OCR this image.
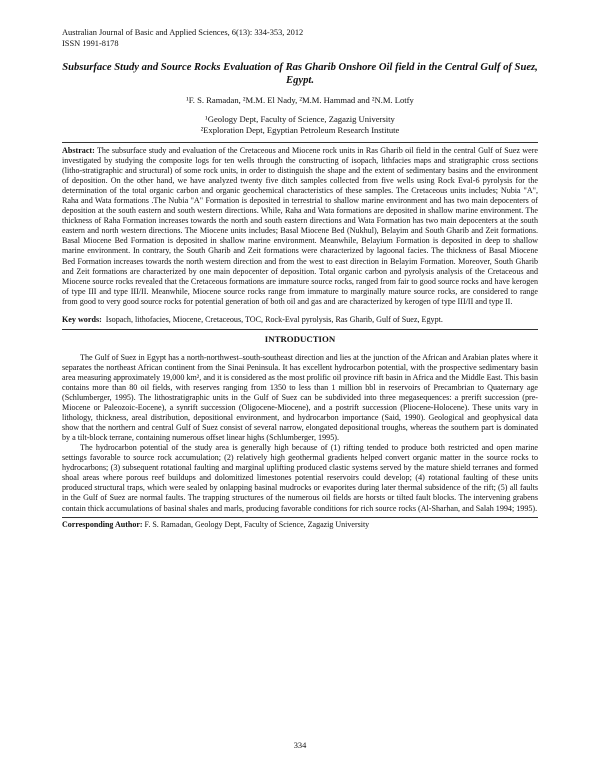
Australian Journal of Basic and Applied Sciences, 6(13): 334-353, 2012
ISSN 1991-8178
Subsurface Study and Source Rocks Evaluation of Ras Gharib Onshore Oil field in the Central Gulf of Suez, Egypt.
¹F. S. Ramadan, ²M.M. El Nady, ²M.M. Hammad and ²N.M. Lotfy
¹Geology Dept, Faculty of Science, Zagazig University
²Exploration Dept, Egyptian Petroleum Research Institute

Abstract: The subsurface study and evaluation of the Cretaceous and Miocene rock units in Ras Gharib oil field in the central Gulf of Suez were investigated by studying the composite logs for ten wells through the constructing of isopach, lithfacies maps and stratigraphic cross sections (litho-stratigraphic and structural) of some rock units, in order to distinguish the shape and the extent of sedimentary basins and the environment of deposition. On the other hand, we have analyzed twenty five ditch samples collected from five wells using Rock Eval-6 pyrolysis for the determination of the total organic carbon and organic geochemical characteristics of these samples. The Cretaceous units includes; Nubia "A", Raha and Wata formations .The Nubia "A" Formation is deposited in terrestrial to shallow marine environment and has two main depocenters of deposition at the south eastern and south western directions. While, Raha and Wata formations are deposited in shallow marine environment. The thickness of Raha Formation increases towards the north and south eastern directions and Wata Formation has two main depocenters at the south eastern and north western directions. The Miocene units includes; Basal Miocene Bed (Nukhul), Belayim and South Gharib and Zeit formations. Basal Miocene Bed Formation is deposited in shallow marine environment. Meanwhile, Belayium Formation is deposited in deep to shallow marine environment. In contrary, the South Gharib and Zeit formations were characterized by lagoonal facies. The thickness of Basal Miocene Bed Formation increases towards the north western direction and from the west to east direction in Belayim Formation. Moreover, South Gharib and Zeit formations are characterized by one main depocenter of deposition. Total organic carbon and pyrolysis analysis of the Cretaceous and Miocene source rocks revealed that the Cretaceous formations are immature source rocks, ranged from fair to good source rocks and have kerogen of type III and type III/II. Meanwhile, Miocene source rocks range from immature to marginally mature source rocks, are considered to range from good to very good source rocks for potential generation of both oil and gas and are characterized by kerogen of type III/II and type II.

Key words: Isopach, lithofacies, Miocene, Cretaceous, TOC, Rock-Eval pyrolysis, Ras Gharib, Gulf of Suez, Egypt.
INTRODUCTION

The Gulf of Suez in Egypt has a north-northwest–south-southeast direction and lies at the junction of the African and Arabian plates where it separates the northeast African continent from the Sinai Peninsula. It has excellent hydrocarbon potential, with the prospective sedimentary basin area measuring approximately 19,000 km², and it is considered as the most prolific oil province rift basin in Africa and the Middle East. This basin contains more than 80 oil fields, with reserves ranging from 1350 to less than 1 million bbl in reservoirs of Precambrian to Quaternary age (Schlumberger, 1995). The lithostratigraphic units in the Gulf of Suez can be subdivided into three megasequences: a prerift succession (pre-Miocene or Paleozoic-Eocene), a synrift succession (Oligocene-Miocene), and a postrift succession (Pliocene-Holocene). These units vary in lithology, thickness, areal distribution, depositional environment, and hydrocarbon importance (Said, 1990). Geological and geophysical data show that the northern and central Gulf of Suez consist of several narrow, elongated depositional troughs, whereas the southern part is dominated by a tilt-block terrane, containing numerous offset linear highs (Schlumberger, 1995).

The hydrocarbon potential of the study area is generally high because of (1) rifting tended to produce both restricted and open marine settings favorable to source rock accumulation; (2) relatively high geothermal gradients helped convert organic matter in the source rocks to hydrocarbons; (3) subsequent rotational faulting and marginal uplifting produced clastic systems served by the mature shield terranes and formed shoal areas where porous reef buildups and dolomitized limestones potential reservoirs could develop; (4) rotational faulting of these units produced structural traps, which were sealed by onlapping basinal mudrocks or evaporites during later thermal subsidence of the rift; (5) all faults in the Gulf of Suez are normal faults. The trapping structures of the numerous oil fields are horsts or tilted fault blocks. The intervening grabens contain thick accumulations of basinal shales and marls, producing favorable conditions for rich source rocks (Al-Sharhan, and Salah 1994; 1995).

Corresponding Author: F. S. Ramadan, Geology Dept, Faculty of Science, Zagazig University
334
